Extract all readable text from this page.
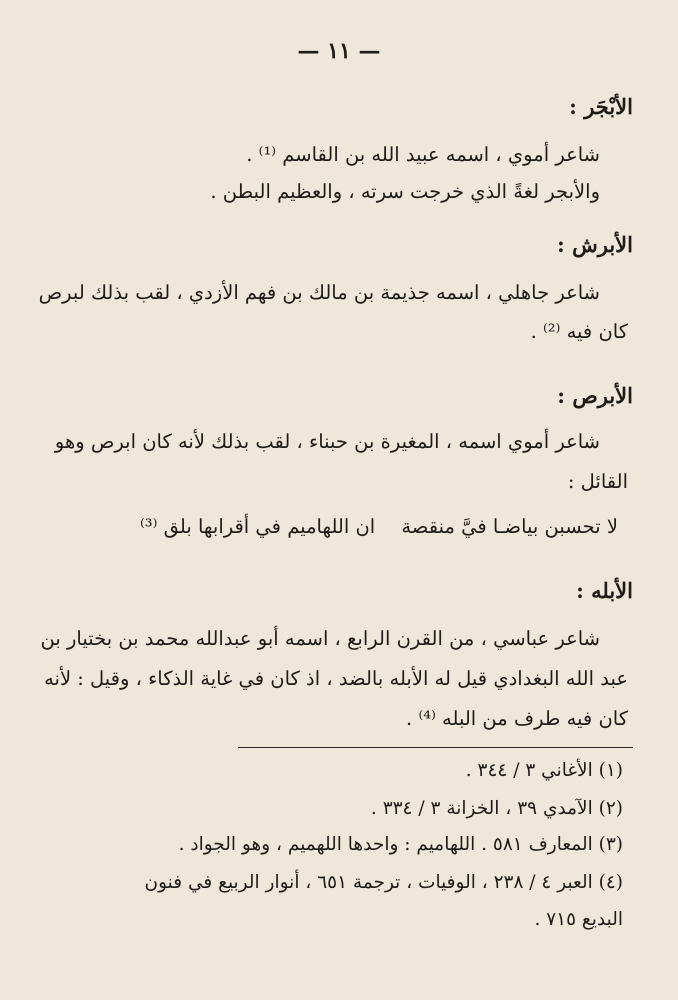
— ١١ —
الأبْجَر :
شاعر أموي ، اسمه عبيد الله بن القاسم ⁽¹⁾ .
والأبجر لغةً الذي خرجت سرته ، والعظيم البطن .
الأبرش :
شاعر جاهلي ، اسمه جذيمة بن مالك بن فهم الأزدي ، لقب بذلك لبرص
كان فيه ⁽²⁾ .
الأبرص :
شاعر أموي اسمه ، المغيرة بن حبناء ، لقب بذلك لأنه كان ابرص وهو
القائل :
لا تحسبن بياضـا فيَّ منقصة
ان اللهاميم في أقرابها بلق ⁽³⁾
الأبله :
شاعر عباسي ، من القرن الرابع ، اسمه أبو عبدالله محمد بن بختيار بن
عبد الله البغدادي قيل له الأبله بالضد ، اذ كان في غاية الذكاء ، وقيل : لأنه
كان فيه طرف من البله ⁽⁴⁾ .
(١) الأغاني ٣ / ٣٤٤ .
(٢) الآمدي ٣٩ ، الخزانة ٣ / ٣٣٤ .
(٣) المعارف ٥٨١ . اللهاميم : واحدها اللهميم ، وهو الجواد .
(٤) العبر ٤ / ٢٣٨ ، الوفيات ، ترجمة ٦٥١ ، أنوار الربيع في فنون
البديع ٧١٥ .
